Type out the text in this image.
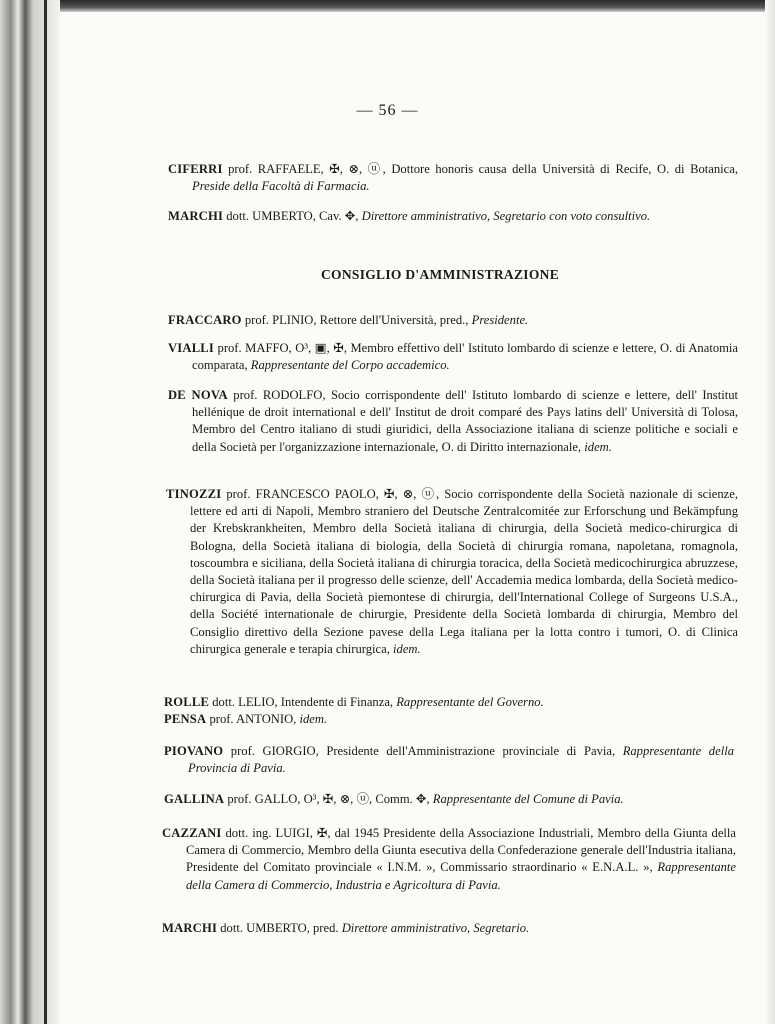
— 56 —
CIFERRI prof. RAFFAELE, ✠, ⊗, ⓤ, Dottore honoris causa della Università di Recife, O. di Botanica, Preside della Facoltà di Farmacia.
MARCHI dott. UMBERTO, Cav. ✥, Direttore amministrativo, Segretario con voto consultivo.
CONSIGLIO D'AMMINISTRAZIONE
FRACCARO prof. PLINIO, Rettore dell'Università, pred., Presidente.
VIALLI prof. MAFFO, O³, ▣, ✠, Membro effettivo dell' Istituto lombardo di scienze e lettere, O. di Anatomia comparata, Rappresentante del Corpo accademico.
DE NOVA prof. RODOLFO, Socio corrispondente dell' Istituto lombardo di scienze e lettere, dell' Institut hellénique de droit international e dell' Institut de droit comparé des Pays latins dell' Università di Tolosa, Membro del Centro italiano di studi giuridici, della Associazione italiana di scienze politiche e sociali e della Società per l'organizzazione internazionale, O. di Diritto internazionale, idem.
TINOZZI prof. FRANCESCO PAOLO, ✠, ⊗, ⓤ, Socio corrispondente della Società nazionale di scienze, lettere ed arti di Napoli, Membro straniero del Deutsche Zentralcomitée zur Erforschung und Bekämpfung der Krebskrankheiten, Membro della Società italiana di chirurgia, della Società medico-chirurgica di Bologna, della Società italiana di biologia, della Società di chirurgia romana, napoletana, romagnola, toscoumbra e siciliana, della Società italiana di chirurgia toracica, della Società medicochirurgica abruzzese, della Società italiana per il progresso delle scienze, dell' Accademia medica lombarda, della Società medico-chirurgica di Pavia, della Società piemontese di chirurgia, dell'International College of Surgeons U.S.A., della Société internationale de chirurgie, Presidente della Società lombarda di chirurgia, Membro del Consiglio direttivo della Sezione pavese della Lega italiana per la lotta contro i tumori, O. di Clinica chirurgica generale e terapia chirurgica, idem.
ROLLE dott. LELIO, Intendente di Finanza, Rappresentante del Governo.
PENSA prof. ANTONIO, idem.
PIOVANO prof. GIORGIO, Presidente dell'Amministrazione provinciale di Pavia, Rappresentante della Provincia di Pavia.
GALLINA prof. GALLO, O³, ✠, ⊗, ⓤ, Comm. ✥, Rappresentante del Comune di Pavia.
CAZZANI dott. ing. LUIGI, ✠, dal 1945 Presidente della Associazione Industriali, Membro della Giunta della Camera di Commercio, Membro della Giunta esecutiva della Confederazione generale dell'Industria italiana, Presidente del Comitato provinciale « I.N.M. », Commissario straordinario « E.N.A.L. », Rappresentante della Camera di Commercio, Industria e Agricoltura di Pavia.
MARCHI dott. UMBERTO, pred. Direttore amministrativo, Segretario.
